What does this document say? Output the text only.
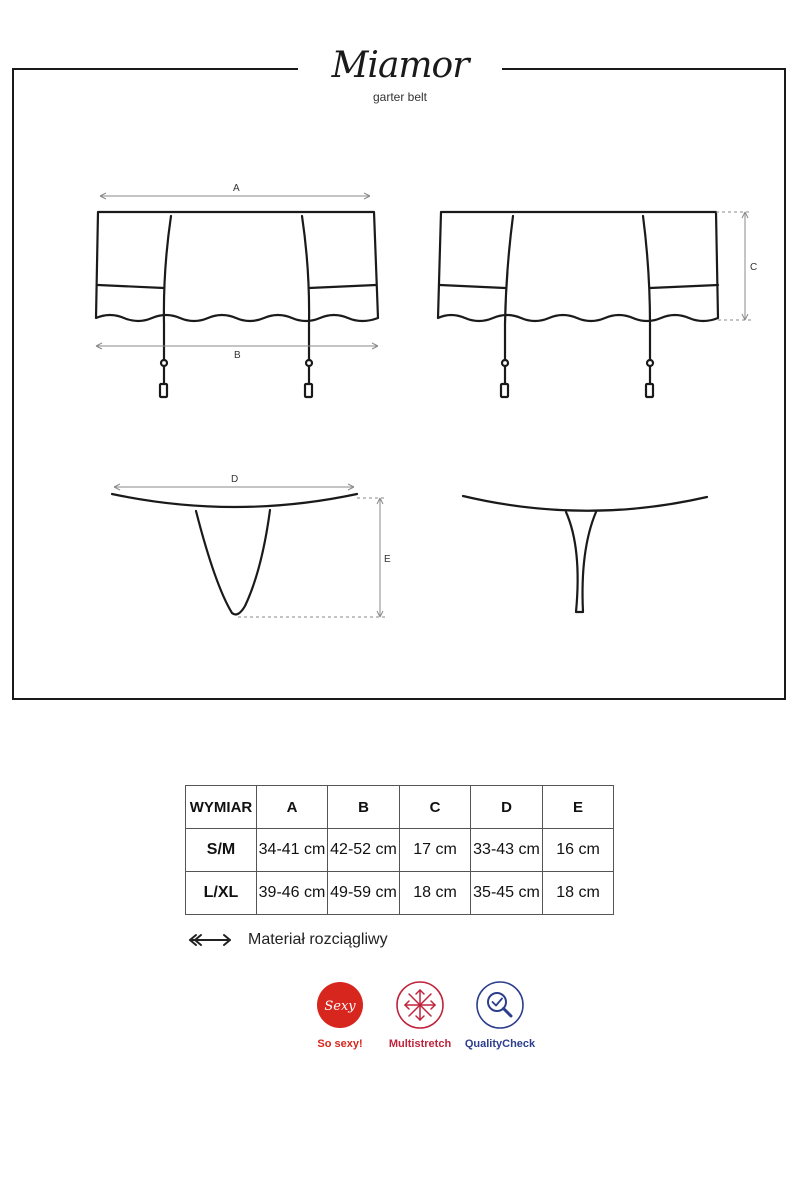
Miamor
garter belt
A
B
C
D
E
WYMIAR	A	B	C	D	E
S/M	34-41 cm	42-52 cm	17 cm	33-43 cm	16 cm
L/XL	39-46 cm	49-59 cm	18 cm	35-45 cm	18 cm
Materiał rozciągliwy
Sexy
So sexy!	Multistretch	QualityCheck
